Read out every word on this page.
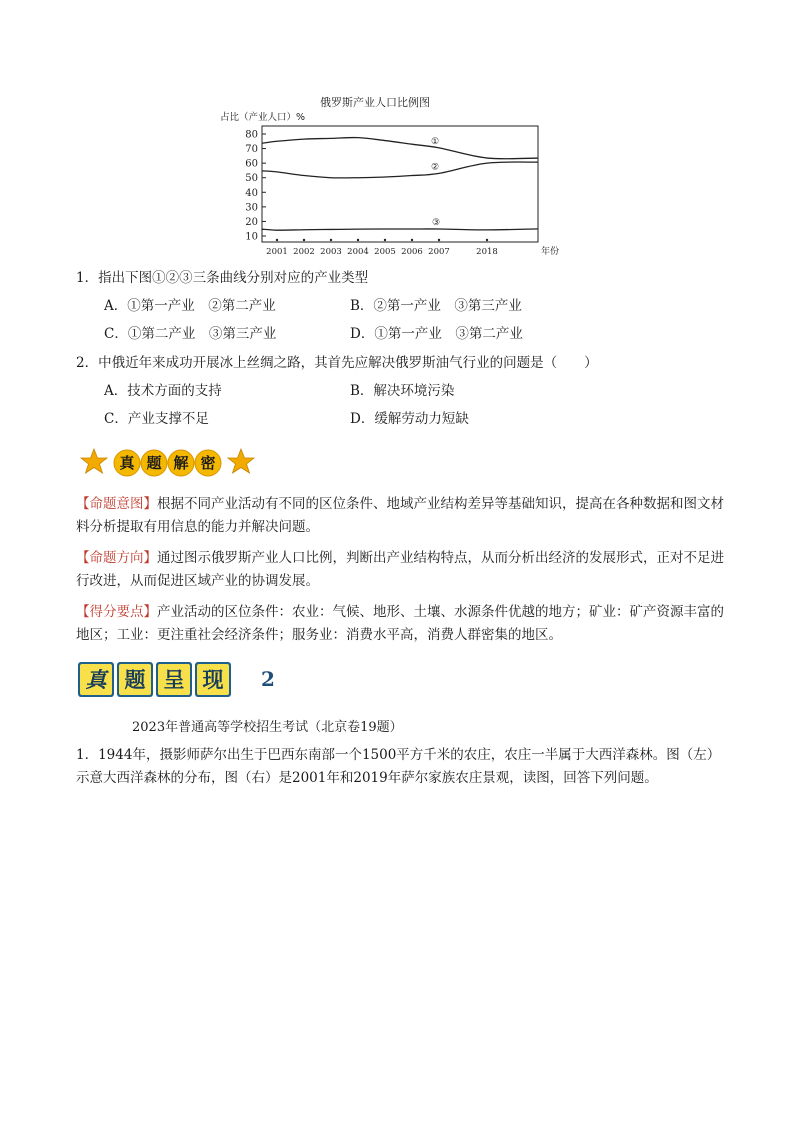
俄罗斯产业人口比例图
占比（产业人口）%
80
70
60
50
40
30
20
10
2001 2002 2003 2004 2005 2006 2007	2018	年份
①
②
③
1．指出下图①②③三条曲线分别对应的产业类型
A．①第一产业　②第二产业	B．②第一产业　③第三产业
C．①第二产业　③第三产业	D．①第一产业　③第二产业
2．中俄近年来成功开展冰上丝绸之路，其首先应解决俄罗斯油气行业的问题是（　　）
A．技术方面的支持	B．解决环境污染
C．产业支撑不足	D．缓解劳动力短缺
真 题 解 密
【命题意图】根据不同产业活动有不同的区位条件、地域产业结构差异等基础知识，提高在各种数据和图文材料分析提取有用信息的能力并解决问题。
【命题方向】通过图示俄罗斯产业人口比例，判断出产业结构特点，从而分析出经济的发展形式，正对不足进行改进，从而促进区域产业的协调发展。
【得分要点】产业活动的区位条件：农业：气候、地形、土壤、水源条件优越的地方；矿业：矿产资源丰富的地区；工业：更注重社会经济条件；服务业：消费水平高，消费人群密集的地区。
真 题 呈 现 2
2023年普通高等学校招生考试（北京卷19题）
1．1944年，摄影师萨尔出生于巴西东南部一个1500平方千米的农庄，农庄一半属于大西洋森林。图（左）示意大西洋森林的分布，图（右）是2001年和2019年萨尔家族农庄景观，读图，回答下列问题。
